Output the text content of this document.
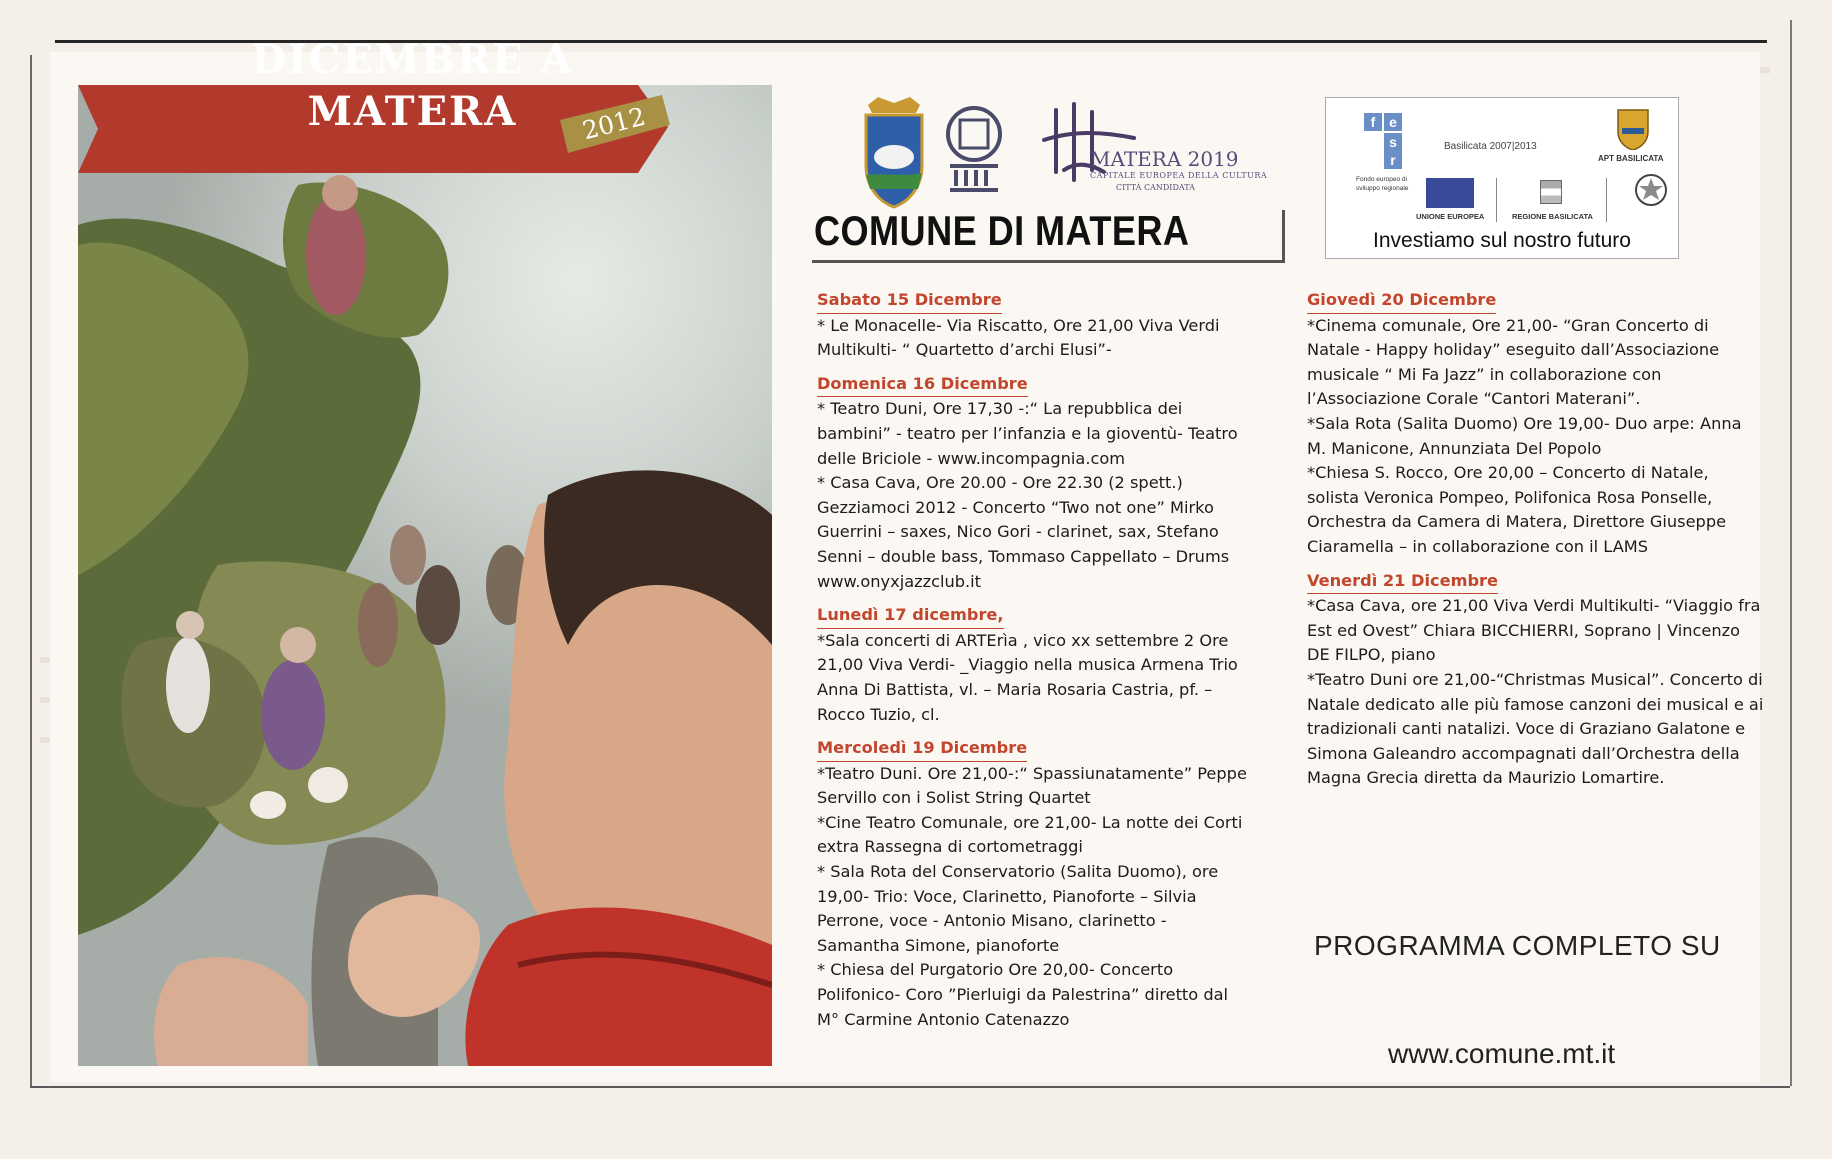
DICEMBRE A MATERA	2012
MATERA 2019
CAPITALE EUROPEA DELLA CULTURA
CITTÀ CANDIDATA
COMUNE DI MATERA
f e
sr
Basilicata 2007|2013
APT BASILICATA
Fondo europeo di sviluppo regionale
UNIONE EUROPEA	REGIONE BASILICATA
Investiamo sul nostro futuro
Sabato 15 Dicembre
* Le Monacelle- Via Riscatto, Ore 21,00 Viva Verdi Multikulti- “ Quartetto d’archi Elusi”-
Domenica 16 Dicembre
* Teatro Duni, Ore 17,30 -:“ La repubblica dei bambini” - teatro per l’infanzia e la gioventù- Teatro delle Briciole - www.incompagnia.com
* Casa Cava, Ore 20.00 - Ore 22.30 (2 spett.) Gezziamoci 2012 - Concerto “Two not one” Mirko Guerrini – saxes, Nico Gori - clarinet, sax, Stefano Senni – double bass, Tommaso Cappellato – Drums
www.onyxjazzclub.it
Lunedì 17 dicembre,
*Sala concerti di ARTErìa , vico xx settembre 2 Ore 21,00 Viva Verdi- _Viaggio nella musica Armena Trio Anna Di Battista, vl. – Maria Rosaria Castria, pf. –Rocco Tuzio, cl.
Mercoledì 19 Dicembre
*Teatro Duni. Ore 21,00-:“ Spassiunatamente” Peppe Servillo con i Solist String Quartet
*Cine Teatro Comunale, ore 21,00- La notte dei Corti extra Rassegna di cortometraggi
* Sala Rota del Conservatorio (Salita Duomo), ore 19,00- Trio: Voce, Clarinetto, Pianoforte – Silvia Perrone, voce - Antonio Misano, clarinetto - Samantha Simone, pianoforte
* Chiesa del Purgatorio Ore 20,00- Concerto Polifonico- Coro ”Pierluigi da Palestrina” diretto dal M° Carmine Antonio Catenazzo
Giovedì 20 Dicembre
*Cinema comunale, Ore 21,00- “Gran Concerto di Natale - Happy holiday” eseguito dall’Associazione musicale “ Mi Fa Jazz” in collaborazione con l’Associazione Corale “Cantori Materani”.
*Sala Rota (Salita Duomo) Ore 19,00- Duo arpe: Anna M. Manicone, Annunziata Del Popolo
*Chiesa S. Rocco, Ore 20,00 – Concerto di Natale, solista Veronica Pompeo, Polifonica Rosa Ponselle, Orchestra da Camera di Matera, Direttore Giuseppe Ciaramella – in collaborazione con il LAMS
Venerdì 21 Dicembre
*Casa Cava, ore 21,00 Viva Verdi Multikulti- “Viaggio fra Est ed Ovest” Chiara BICCHIERRI, Soprano | Vincenzo DE FILPO, piano
*Teatro Duni ore 21,00-“Christmas Musical”. Concerto di Natale dedicato alle più famose canzoni dei musical e ai tradizionali canti natalizi. Voce di Graziano Galatone e Simona Galeandro accompagnati dall’Orchestra della Magna Grecia diretta da Maurizio Lomartire.
PROGRAMMA COMPLETO SU
www.comune.mt.it
